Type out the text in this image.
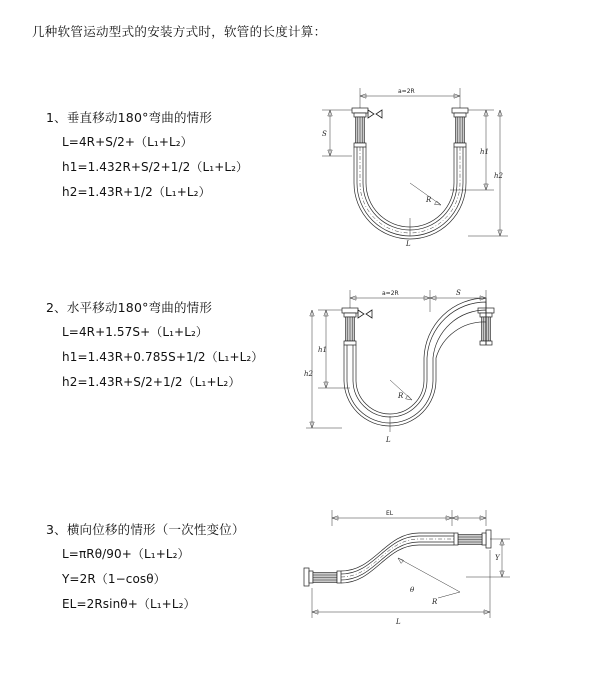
几种软管运动型式的安装方式时，软管的长度计算：
1、垂直移动180°弯曲的情形
L=4R+S/2+（L₁+L₂）
h1=1.432R+S/2+1/2（L₁+L₂）
h2=1.43R+1/2（L₁+L₂）
a=2R
R
L
h1
h2
S
2、水平移动180°弯曲的情形
L=4R+1.57S+（L₁+L₂）
h1=1.43R+0.785S+1/2（L₁+L₂）
h2=1.43R+S/2+1/2（L₁+L₂）
a=2R	S
R
L
h1
h2
3、横向位移的情形（一次性变位）
L=πRθ/90+（L₁+L₂）
Y=2R（1−cosθ）
EL=2Rsinθ+（L₁+L₂）
EL
R
θ
Y
L
